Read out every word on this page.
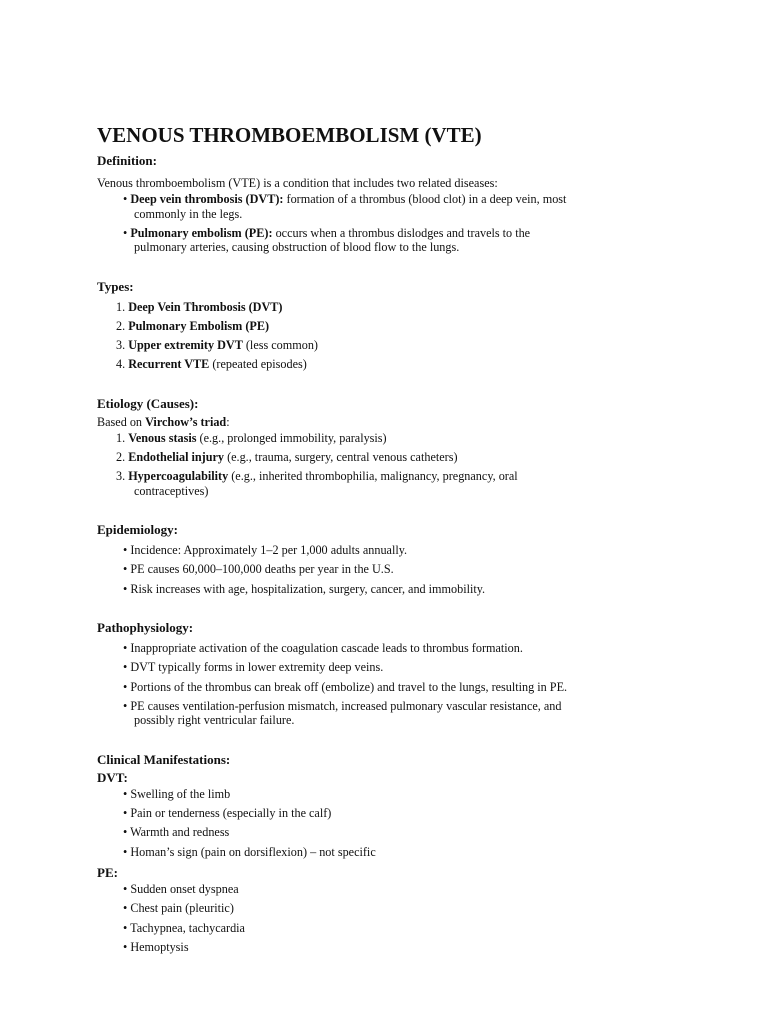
VENOUS THROMBOEMBOLISM (VTE)

Definition:

Venous thromboembolism (VTE) is a condition that includes two related diseases:

• Deep vein thrombosis (DVT): formation of a thrombus (blood clot) in a deep vein, most commonly in the legs.
• Pulmonary embolism (PE): occurs when a thrombus dislodges and travels to the pulmonary arteries, causing obstruction of blood flow to the lungs.

Types:

1. Deep Vein Thrombosis (DVT)
2. Pulmonary Embolism (PE)
3. Upper extremity DVT (less common)
4. Recurrent VTE (repeated episodes)

Etiology (Causes):

Based on Virchow’s triad:

1. Venous stasis (e.g., prolonged immobility, paralysis)
2. Endothelial injury (e.g., trauma, surgery, central venous catheters)
3. Hypercoagulability (e.g., inherited thrombophilia, malignancy, pregnancy, oral contraceptives)

Epidemiology:

• Incidence: Approximately 1–2 per 1,000 adults annually.
• PE causes 60,000–100,000 deaths per year in the U.S.
• Risk increases with age, hospitalization, surgery, cancer, and immobility.

Pathophysiology:

• Inappropriate activation of the coagulation cascade leads to thrombus formation.
• DVT typically forms in lower extremity deep veins.
• Portions of the thrombus can break off (embolize) and travel to the lungs, resulting in PE.
• PE causes ventilation-perfusion mismatch, increased pulmonary vascular resistance, and possibly right ventricular failure.

Clinical Manifestations:

DVT:

• Swelling of the limb
• Pain or tenderness (especially in the calf)
• Warmth and redness
• Homan’s sign (pain on dorsiflexion) – not specific

PE:

• Sudden onset dyspnea
• Chest pain (pleuritic)
• Tachypnea, tachycardia
• Hemoptysis
